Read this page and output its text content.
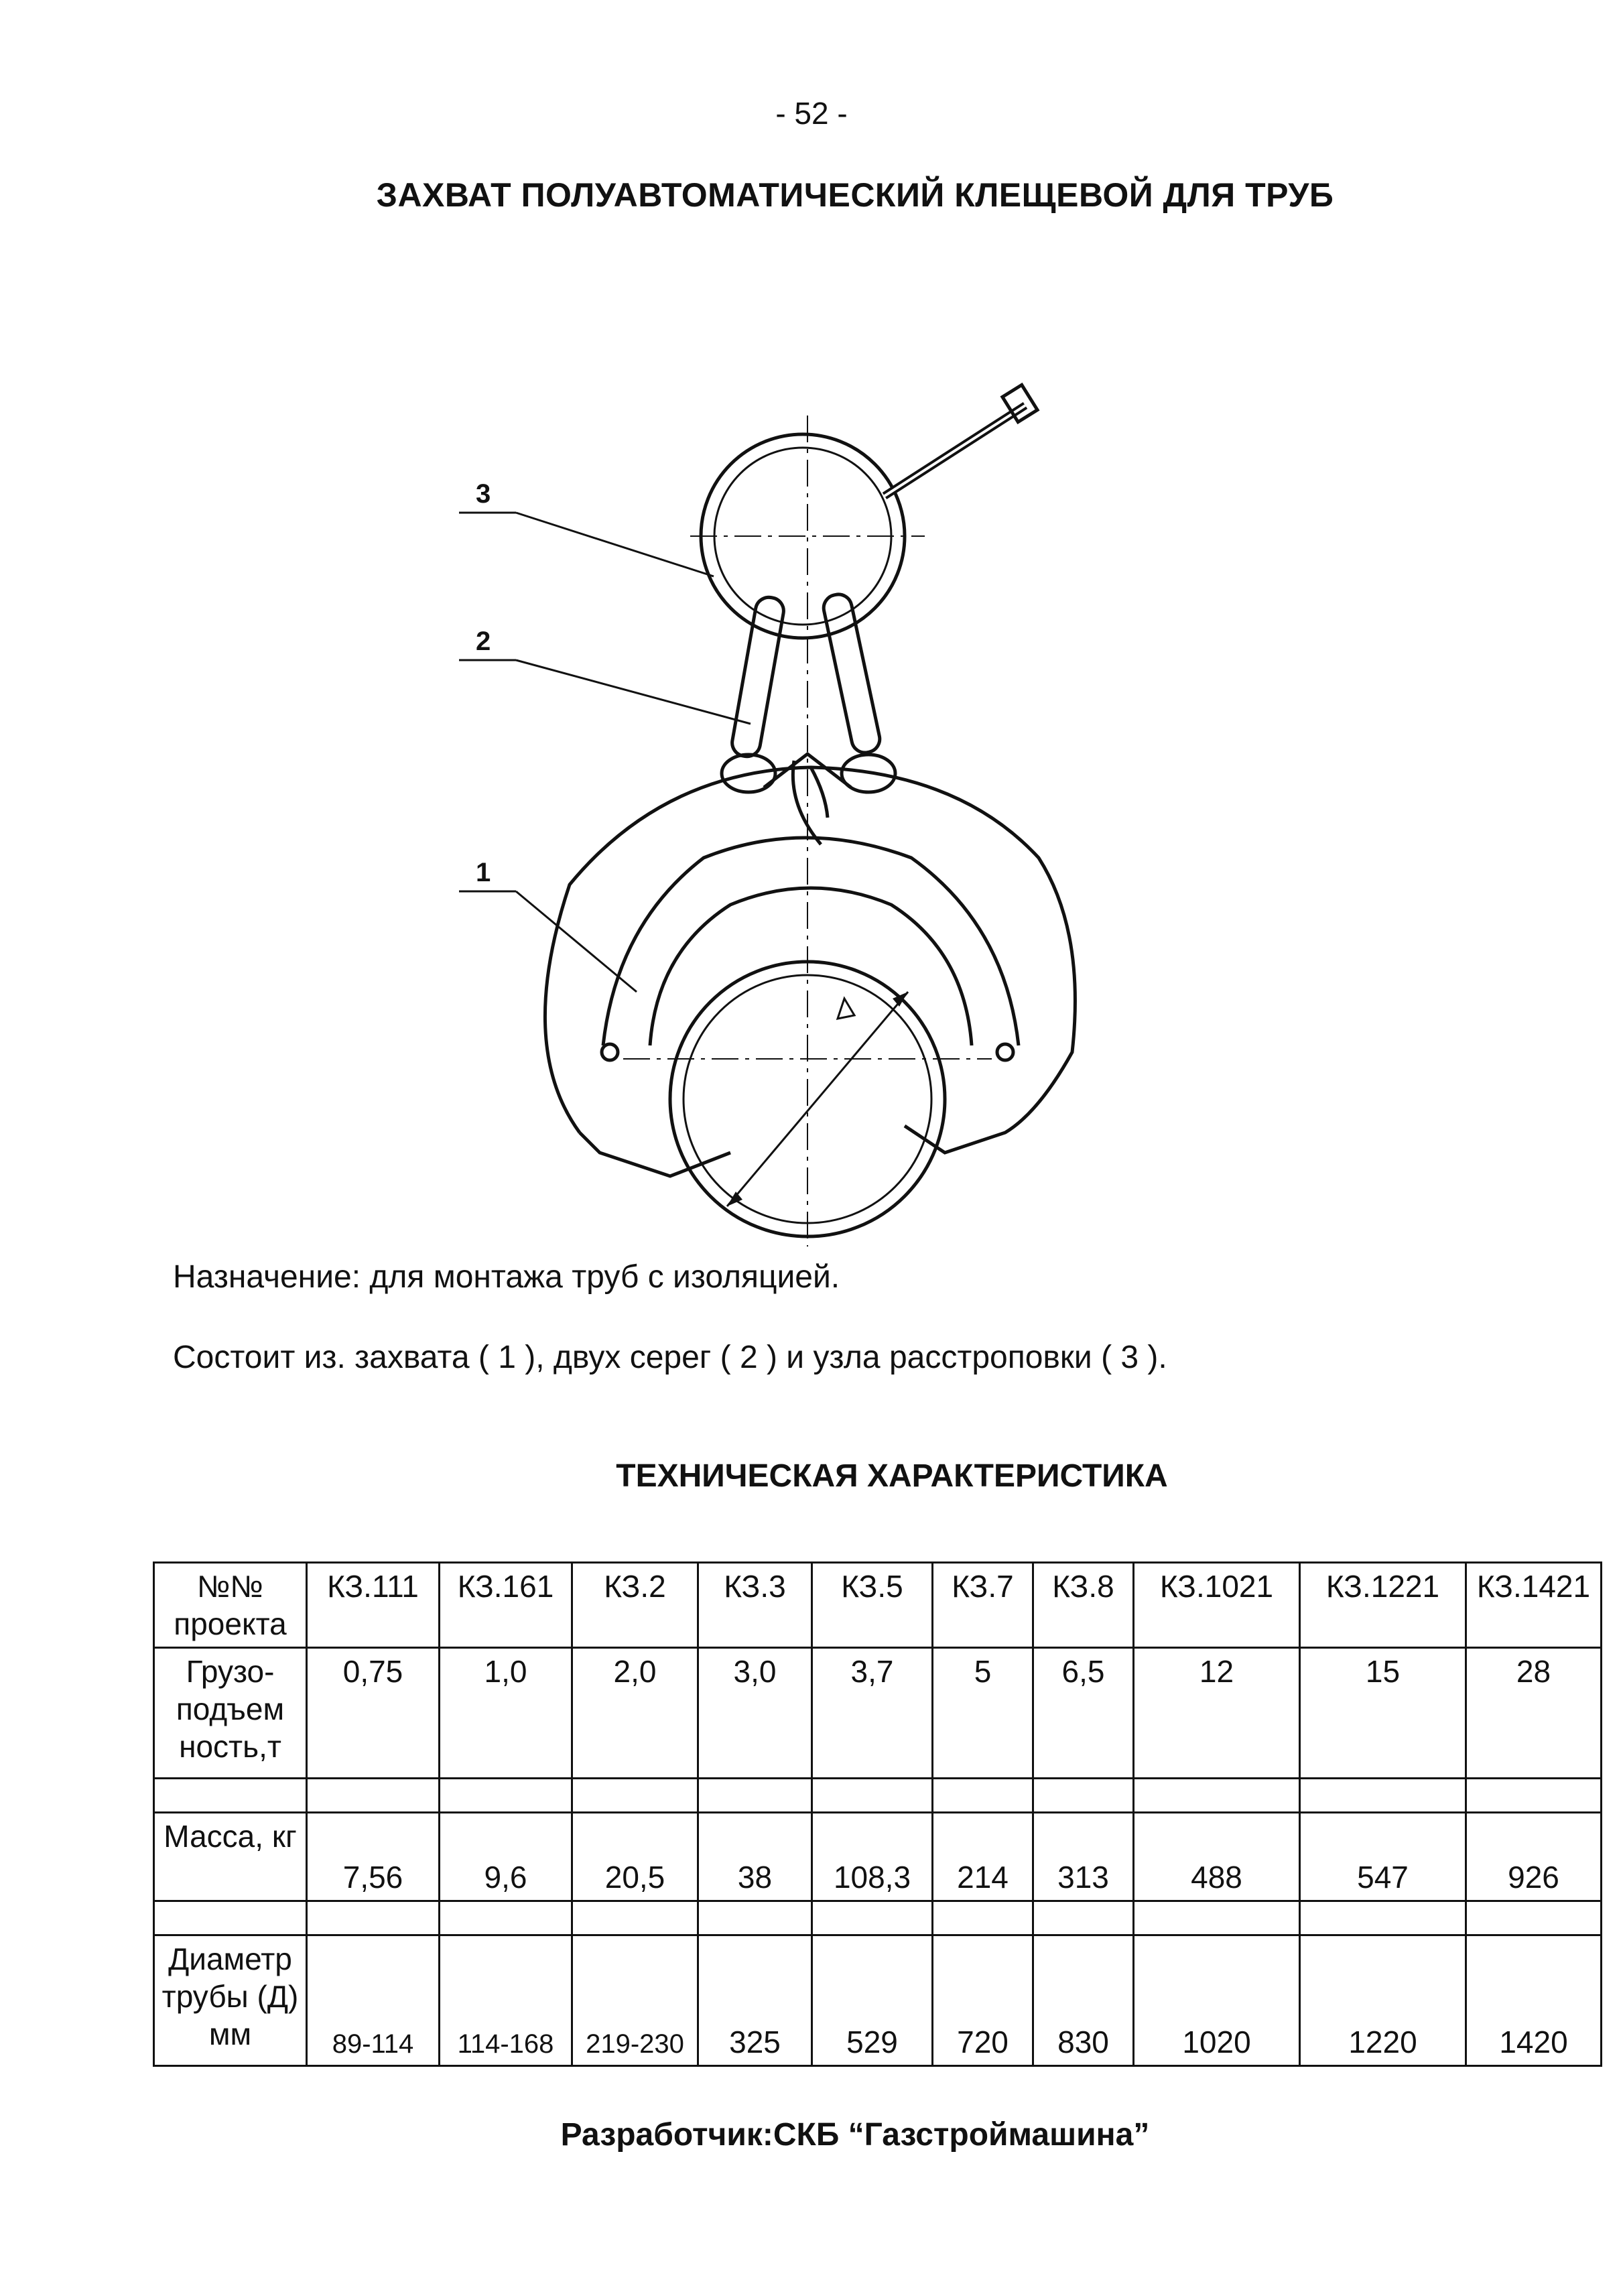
- 52 -
ЗАХВАТ ПОЛУАВТОМАТИЧЕСКИЙ КЛЕЩЕВОЙ ДЛЯ ТРУБ
3
2
1
Назначение: для монтажа труб с изоляцией.
Состоит из. захвата ( 1 ), двух серег ( 2 ) и узла расстроповки ( 3 ).
ТЕХНИЧЕСКАЯ ХАРАКТЕРИСТИКА
№№ проекта	КЗ.111	КЗ.161	КЗ.2	КЗ.3	КЗ.5	КЗ.7	КЗ.8	КЗ.1021	КЗ.1221	КЗ.1421
Грузо-подъем ность,т	0,75	1,0	2,0	3,0	3,7	5	6,5	12	15	28

Масса, кг	7,56	9,6	20,5	38	108,3	214	313	488	547	926

Диаметр трубы (Д) мм	89-114	114-168	219-230	325	529	720	830	1020	1220	1420
Разработчик:СКБ “Газстроймашина”
